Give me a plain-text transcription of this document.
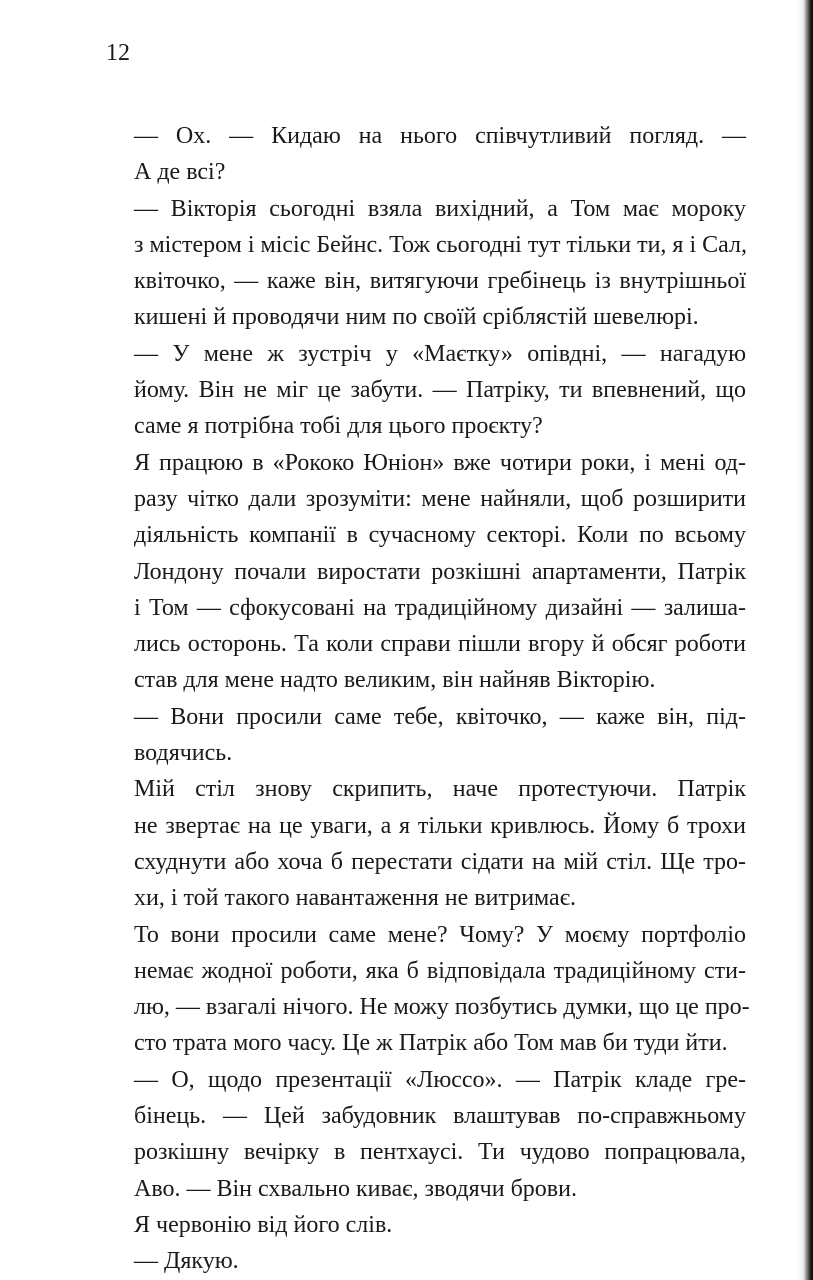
12

— Ох. — Кидаю на нього співчутливий погляд. —
А де всі?

— Вікторія сьогодні взяла вихідний, а Том має мороку
з містером і місіс Бейнс. Тож сьогодні тут тільки ти, я і Сал,
квіточко, — каже він, витягуючи гребінець із внутрішньої
кишені й проводячи ним по своїй сріблястій шевелюрі.

— У мене ж зустріч у «Маєтку» опівдні, — нагадую
йому. Він не міг це забути. — Патріку, ти впевнений, що
саме я потрібна тобі для цього проєкту?

Я працюю в «Рококо Юніон» вже чотири роки, і мені од-
разу чітко дали зрозуміти: мене найняли, щоб розширити
діяльність компанії в сучасному секторі. Коли по всьому
Лондону почали виростати розкішні апартаменти, Патрік
і Том — сфокусовані на традиційному дизайні — залиша-
лись осторонь. Та коли справи пішли вгору й обсяг роботи
став для мене надто великим, він найняв Вікторію.

— Вони просили саме тебе, квіточко, — каже він, під-
водячись.

Мій стіл знову скрипить, наче протестуючи. Патрік
не звертає на це уваги, а я тільки кривлюсь. Йому б трохи
схуднути або хоча б перестати сідати на мій стіл. Ще тро-
хи, і той такого навантаження не витримає.

То вони просили саме мене? Чому? У моєму портфоліо
немає жодної роботи, яка б відповідала традиційному сти-
лю, — взагалі нічого. Не можу позбутись думки, що це про-
сто трата мого часу. Це ж Патрік або Том мав би туди йти.

— О, щодо презентації «Люссо». — Патрік кладе гре-
бінець. — Цей забудовник влаштував по-справжньому
розкішну вечірку в пентхаусі. Ти чудово попрацювала,
Аво. — Він схвально киває, зводячи брови.

Я червонію від його слів.

— Дякую.
